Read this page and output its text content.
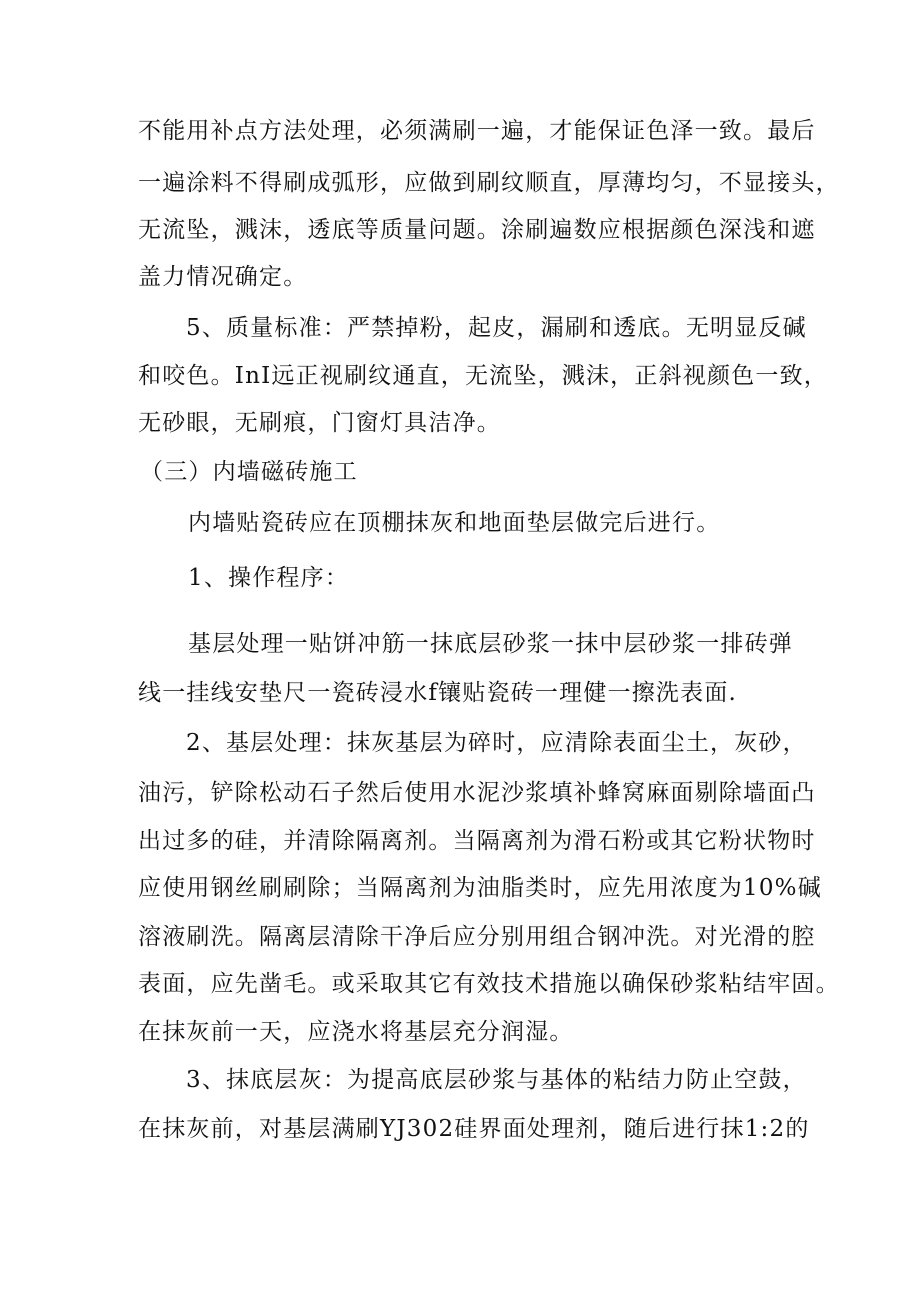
不能用补点方法处理，必须满刷一遍，才能保证色泽一致。最后
一遍涂料不得刷成弧形，应做到刷纹顺直，厚薄均匀，不显接头，
无流坠，溅沫，透底等质量问题。涂刷遍数应根据颜色深浅和遮
盖力情况确定。
5、质量标准：严禁掉粉，起皮，漏刷和透底。无明显反碱
和咬色。InI远正视刷纹通直，无流坠，溅沫，正斜视颜色一致，
无砂眼，无刷痕，门窗灯具洁净。
（三）内墙磁砖施工
内墙贴瓷砖应在顶棚抹灰和地面垫层做完后进行。
1、操作程序：
基层处理一贴饼冲筋一抹底层砂浆一抹中层砂浆一排砖弹
线一挂线安垫尺一瓷砖浸水f镶贴瓷砖一理健一擦洗表面.
2、基层处理：抹灰基层为碎时，应清除表面尘土，灰砂，
油污，铲除松动石子然后使用水泥沙浆填补蜂窝麻面剔除墙面凸
出过多的硅，并清除隔离剂。当隔离剂为滑石粉或其它粉状物时
应使用钢丝刷刷除；当隔离剂为油脂类时，应先用浓度为10%碱
溶液刷洗。隔离层清除干净后应分别用组合钢冲洗。对光滑的腔
表面，应先凿毛。或采取其它有效技术措施以确保砂浆粘结牢固。
在抹灰前一天，应浇水将基层充分润湿。
3、抹底层灰：为提高底层砂浆与基体的粘结力防止空鼓，
在抹灰前，对基层满刷YJ302硅界面处理剂，随后进行抹1:2的
